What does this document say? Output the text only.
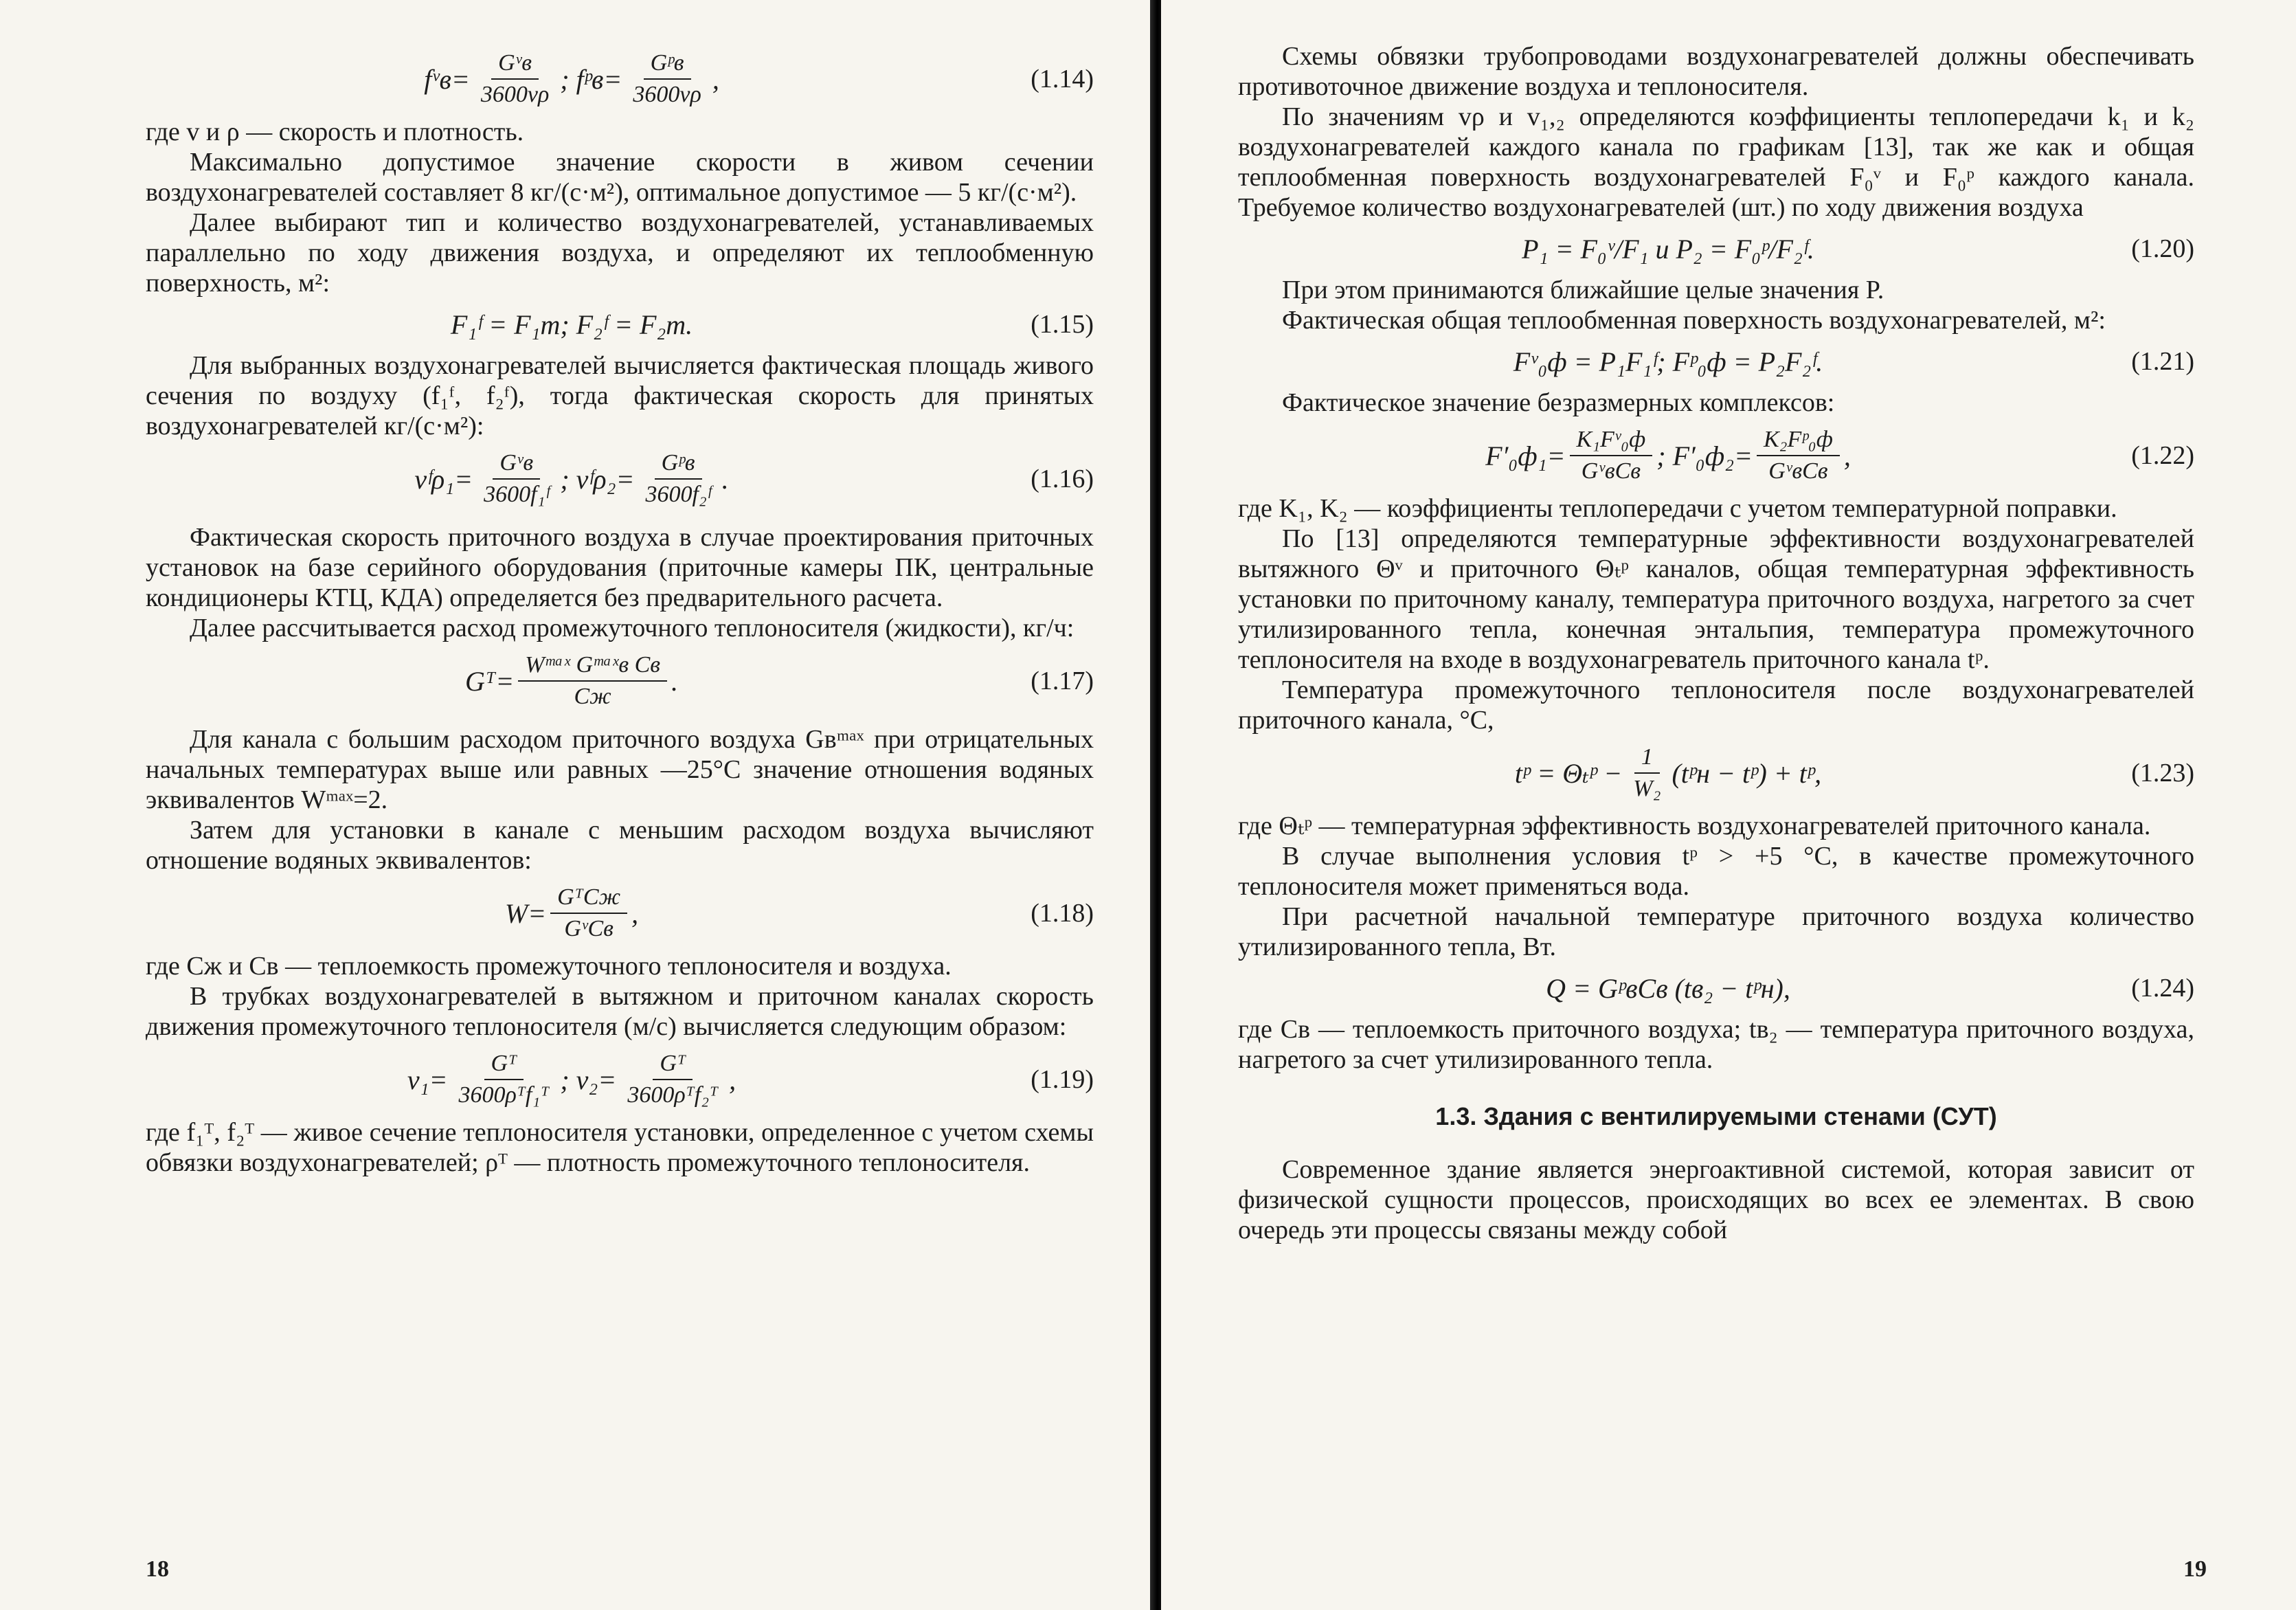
fᵛв= $\frac{\text{Gᵛв}}{3600v\rho}$ ; fᵖв= $\frac{\text{Gᵖв}}{3600v\rho}$ ,	(1.14)

где v и ρ — скорость и плотность.

Максимально допустимое значение скорости в живом сечении воздухонагревателей составляет 8 кг/(с·м²), оптимальное допустимое — 5 кг/(с·м²).

Далее выбирают тип и количество воздухонагревателей, устанавливаемых параллельно по ходу движения воздуха, и определяют их теплообменную поверхность, м²:

F₁ᶠ = F₁m; F₂ᶠ = F₂m.	(1.15)

Для выбранных воздухонагревателей вычисляется фактическая площадь живого сечения по воздуху (f₁ᶠ, f₂ᶠ), тогда фактическая скорость для принятых воздухонагревателей кг/(с·м²):

vᶠρ₁= $\frac{\text{Gᵛв}}{\text{3600f₁ᶠ}}$ ; vᶠρ₂= $\frac{\text{Gᵖв}}{\text{3600f₂ᶠ}}$ .	(1.16)

Фактическая скорость приточного воздуха в случае проектирования приточных установок на базе серийного оборудования (приточные камеры ПК, центральные кондиционеры КТЦ, КДА) определяется без предварительного расчета.

Далее рассчитывается расход промежуточного теплоносителя (жидкости), кг/ч:

Gᵀ= $\frac{\text{Wᵐᵃˣ Gᵐᵃˣв Cв}}{Cж}$ .	(1.17)

Для канала с большим расходом приточного воздуха Gвᵐᵃˣ при отрицательных начальных температурах выше или равных —25°С значение отношения водяных эквивалентов Wᵐᵃˣ=2.

Затем для установки в канале с меньшим расходом воздуха вычисляют отношение водяных эквивалентов:

$W= \frac{\text{GᵀCж}}{\text{GᵛCв}}$ ,	(1.18)

где Cж и Cв — теплоемкость промежуточного теплоносителя и воздуха.

В трубках воздухонагревателей в вытяжном и приточном каналах скорость движения промежуточного теплоносителя (м/с) вычисляется следующим образом:

$v_1= \frac{\text{Gᵀ}}{\text{3600ρᵀf₁ᵀ}}$ ; $v_2= \frac{\text{Gᵀ}}{\text{3600ρᵀf₂ᵀ}}$ ,	(1.19)

где f₁ᵀ, f₂ᵀ — живое сечение теплоносителя установки, определенное с учетом схемы обвязки воздухонагревателей; ρᵀ — плотность промежуточного теплоносителя.

18

Схемы обвязки трубопроводами воздухонагревателей должны обеспечивать противоточное движение воздуха и теплоносителя.

По значениям vρ и v₁,₂ определяются коэффициенты теплопередачи k₁ и k₂ воздухонагревателей каждого канала по графикам [13], так же как и общая теплообменная поверхность воздухонагревателей F₀ᵛ и F₀ᵖ каждого канала. Требуемое количество воздухонагревателей (шт.) по ходу движения воздуха

P₁ = F₀ᵛ/F₁ и P₂ = F₀ᵖ/F₂ᶠ.	(1.20)

При этом принимаются ближайшие целые значения P.

Фактическая общая теплообменная поверхность воздухонагревателей, м²:

Fᵛ₀ф = P₁F₁ᶠ; Fᵖ₀ф = P₂F₂ᶠ.	(1.21)

Фактическое значение безразмерных комплексов:

$F'_0ф_1= \frac{\text{K₁Fᵛ₀ф}}{\text{GᵛвCв}}$ ; $F'_0ф_2= \frac{\text{K₂Fᵖ₀ф}}{\text{GᵛвCв}}$ ,	(1.22)

где K₁, K₂ — коэффициенты теплопередачи с учетом температурной поправки.

По [13] определяются температурные эффективности воздухонагревателей вытяжного Θᵛ и приточного Θₜᵖ каналов, общая температурная эффективность установки по приточному каналу, температура приточного воздуха, нагретого за счет утилизированного тепла, конечная энтальпия, температура промежуточного теплоносителя на входе в воздухонагреватель приточного канала tᵖ.

Температура промежуточного теплоносителя после воздухонагревателей приточного канала, °С,

tᵖ = Θₜᵖ − $\frac{1}{\text{W₂}}$ (tᵖн − tᵖ) + tᵖ,	(1.23)

где Θₜᵖ — температурная эффективность воздухонагревателей приточного канала.

В случае выполнения условия tᵖ > +5 °С, в качестве промежуточного теплоносителя может применяться вода.

При расчетной начальной температуре приточного воздуха количество утилизированного тепла, Вт.

Q = GᵖвCв (tв₂ − tᵖн),	(1.24)

где Cв — теплоемкость приточного воздуха; tв₂ — температура приточного воздуха, нагретого за счет утилизированного тепла.

1.3. Здания с вентилируемыми стенами (СУТ)

Современное здание является энергоактивной системой, которая зависит от физической сущности процессов, происходящих во всех ее элементах. В свою очередь эти процессы связаны между собой

19
